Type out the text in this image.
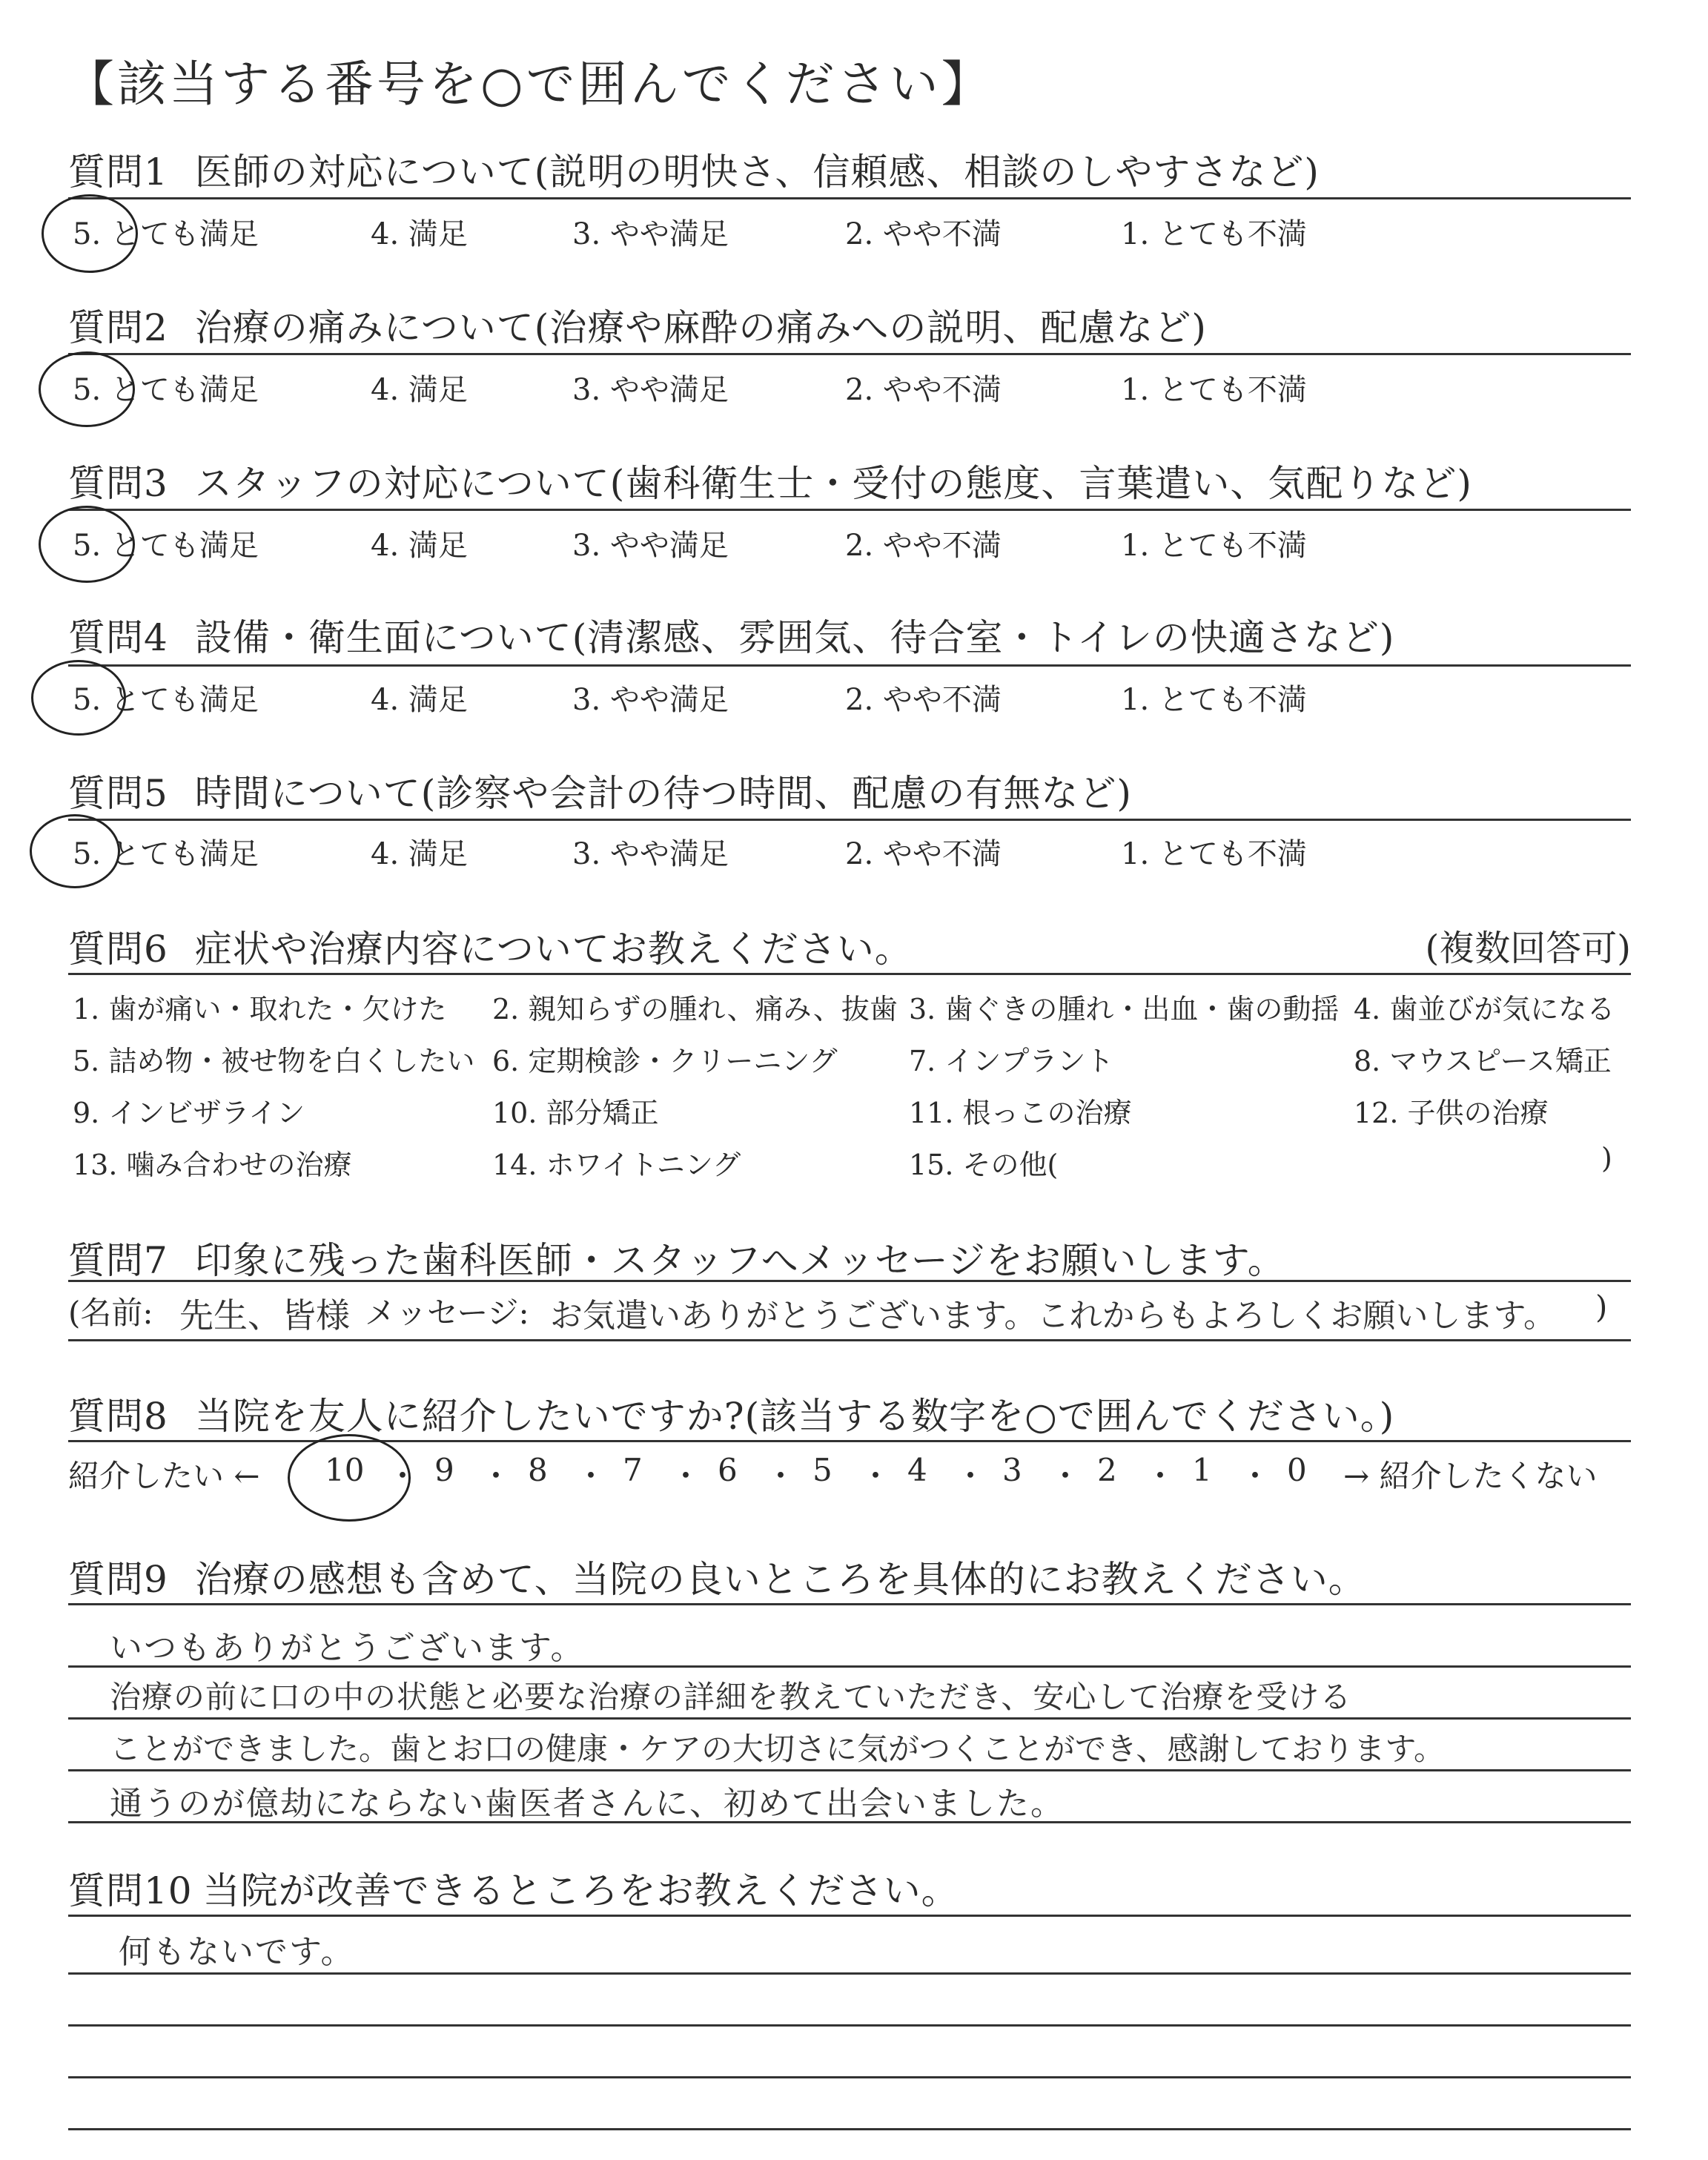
【該当する番号を○で囲んでください】
質問1 医師の対応について(説明の明快さ、信頼感、相談のしやすさなど)
5. とても満足	4. 満足	3. やや満足	2. やや不満	1. とても不満
質問2 治療の痛みについて(治療や麻酔の痛みへの説明、配慮など)
5. とても満足	4. 満足	3. やや満足	2. やや不満	1. とても不満
質問3 スタッフの対応について(歯科衛生士・受付の態度、言葉遣い、気配りなど)
5. とても満足	4. 満足	3. やや満足	2. やや不満	1. とても不満
質問4 設備・衛生面について(清潔感、雰囲気、待合室・トイレの快適さなど)
5. とても満足	4. 満足	3. やや満足	2. やや不満	1. とても不満
質問5 時間について(診察や会計の待つ時間、配慮の有無など)
5. とても満足	4. 満足	3. やや満足	2. やや不満	1. とても不満
質問6 症状や治療内容についてお教えください。	(複数回答可)
1. 歯が痛い・取れた・欠けた 2. 親知らずの腫れ、痛み、抜歯 3. 歯ぐきの腫れ・出血・歯の動揺 4. 歯並びが気になる
5. 詰め物・被せ物を白くしたい 6. 定期検診・クリーニング	7. インプラント	8. マウスピース矯正
9. インビザライン	10. 部分矯正	11. 根っこの治療	12. 子供の治療
13. 噛み合わせの治療	14. ホワイトニング	15. その他(	)
質問7 印象に残った歯科医師・スタッフへメッセージをお願いします。
(名前: 先生、皆様 メッセージ: お気遣いありがとうございます。これからもよろしくお願いします。 )
質問8 当院を友人に紹介したいですか?(該当する数字を○で囲んでください。)
紹介したい ← 10 ・ 9 ・ 8 ・ 7 ・ 6 ・ 5 ・ 4 ・ 3 ・ 2 ・ 1 ・ 0 → 紹介したくない
質問9 治療の感想も含めて、当院の良いところを具体的にお教えください。
いつもありがとうございます。
治療の前に口の中の状態と必要な治療の詳細を教えていただき、安心して治療を受ける
ことができました。歯とお口の健康・ケアの大切さに気がつくことができ、感謝しております。
通うのが億劫にならない歯医者さんに、初めて出会いました。
質問10 当院が改善できるところをお教えください。
何もないです。
